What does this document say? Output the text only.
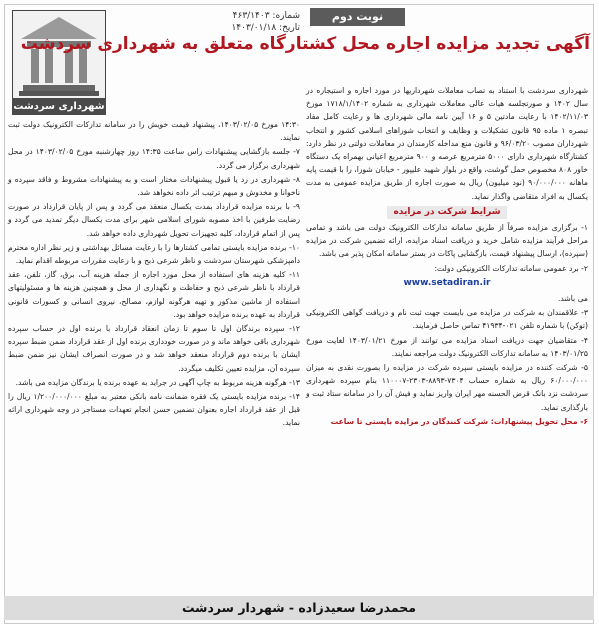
نوبت دوم
شماره: ۴۶۳/۱۴۰۳
تاریخ: ۱۴۰۳/۰۱/۱۸
شهرداری سردشت
آگهی تجدید مزایده اجاره محل کشتارگاه متعلق به شهرداری سردشت

شهرداری سردشت با استناد به تصاب معاملات شهرداریها در مورد اجاره و استیجاره در سال ۱۴۰۲ و صورتجلسه هیات عالی معاملات شهرداری به شماره ۱۷۱۸/۱/۱۴۰۲ مورخ ۱۴۰۲/۱۱/۰۳ با رعایت مادتین ۵ و ۱۶ آیین نامه مالی شهرداری ها و رعایت کامل مفاد تبصره ۱ ماده ۹۵ قانون تشکیلات و وظایف و انتخاب شوراهای اسلامی کشور و انتخاب شهرداران مصوب ۹۶/۰۳/۲۰ و قانون منع مداخله کارمندان در معاملات دولتی در نظر دارد: کشتارگاه شهرداری دارای ۵۰۰۰ مترمربع عرصه و ۹۰۰ مترمربع اعیانی بهمراه یک دستگاه خاور ۸۰۸ مخصوص حمل گوشت، واقع در بلوار شهید علیپور - خیابان شورا، را با قیمت پایه ماهانه ۹۰/۰۰۰/۰۰۰ (نود میلیون) ریال به صورت اجاره از طریق مزایده عمومی به مدت یکسال به افراد متقاضی واگذار نماید.

شرایط شرکت در مزایده

۱- برگزاری مزایده صرفاً از طریق سامانه تدارکات الکترونیک دولت می باشد و تمامی مراحل فرآیند مزایده شامل خرید و دریافت اسناد مزایده، ارائه تضمین شرکت در مزایده (سپرده)، ارسال پیشنهاد قیمت، بازگشایی پاکات در بستر سامانه امکان پذیر می باشد.

۲- برد عمومی سامانه تدارکات الکترونیکی دولت:

www.setadiran.ir

می باشد.

۳- علاقمندان به شرکت در مزایده می بایست جهت ثبت نام و دریافت گواهی الکترونیکی (توکن) با شماره تلفن ۰۲۱-۴۱۹۳۴ تماس حاصل فرمایند.

۴- متقاضیان جهت دریافت اسناد مزایده می توانند از مورخ ۱۴۰۳/۰۱/۲۱ لغایت مورخ ۱۴۰۳/۰۱/۲۵ به سامانه تدارکات الکترونیک دولت مراجعه نمایند.

۵- شرکت کننده در مزایده بایستی سپرده شرکت در مزایده را بصورت نقدی به میزان ۶۰/۰۰۰/۰۰۰ ریال به شماره حساب ۷۳۰۴-۸۸۹۳-۲۳۰۳-۱۱۰۰۰۷ بنام سپرده شهرداری سردشت نزد بانک قرض الحسنه مهر ایران واریز نماید و فیش آن را در سامانه ستاد ثبت و بارگذاری نماید.

۶- محل تحویل پیشنهادات: شرکت کنندگان در مزایده بایستی تا ساعت

۱۴:۳۰ مورخ ۱۴۰۳/۰۲/۰۵، پیشنهاد قیمت خویش را در سامانه تدارکات الکترونیک دولت ثبت نمایند.

۷- جلسه بازگشایی پیشنهادات راس ساعت ۱۴:۳۵ روز چهارشنبه مورخ ۱۴۰۳/۰۲/۰۵ در محل شهرداری برگزار می گردد.

۸- شهرداری در رد یا قبول پیشنهادات مختار است و به پیشنهادات مشروط و فاقد سپرده و ناخوانا و مخدوش و مبهم ترتیب اثر داده نخواهد شد.

۹- با برنده مزایده قرارداد بمدت یکسال منعقد می گردد و پس از پایان قرارداد در صورت رضایت طرفین با اخذ مصوبه شورای اسلامی شهر برای مدت یکسال دیگر تمدید می گردد و پس از اتمام قرارداد، کلیه تجهیزات تحویل شهرداری داده خواهد شد.

۱۰- برنده مزایده بایستی تمامی کشتارها را با رعایت مسائل بهداشتی و زیر نظر اداره محترم دامپزشکی شهرستان سردشت و ناظر شرعی ذبح و با رعایت مقررات مربوطه اقدام نماید.

۱۱- کلیه هزینه های استفاده از محل مورد اجاره از جمله هزینه آب، برق، گاز، تلفن، عقد قرارداد با ناظر شرعی ذبح و حفاظت و نگهداری از محل و همچنین هزینه ها و مسئولیتهای استفاده از ماشین مذکور و تهیه هرگونه لوازم، مصالح، نیروی انسانی و کسورات قانونی قرارداد به عهده برنده مزایده خواهد بود.

۱۲- سپرده برندگان اول تا سوم تا زمان انعقاد قرارداد با برنده اول در حساب سپرده شهرداری باقی خواهد ماند و در صورت خودداری برنده اول از عقد قرارداد ضمن ضبط سپرده ایشان با برنده دوم قرارداد منعقد خواهد شد و در صورت انصراف ایشان نیز ضمن ضبط سپرده آن، مزایده تعیین تکلیف میگردد.

۱۳- هرگونه هزینه مربوط به چاپ آگهی در جراید به عهده برنده یا برندگان مزایده می باشد.

۱۴- برنده مزایده بایستی یک فقره ضمانت نامه بانکی معتبر به مبلغ ۱/۲۰۰/۰۰۰/۰۰۰ ریال را قبل از عقد قرارداد اجاره بعنوان تضمین حسن انجام تعهدات مستاجر در وجه شهرداری ارائه نماید.

محمدرضا سعیدزاده - شهردار سردشت
